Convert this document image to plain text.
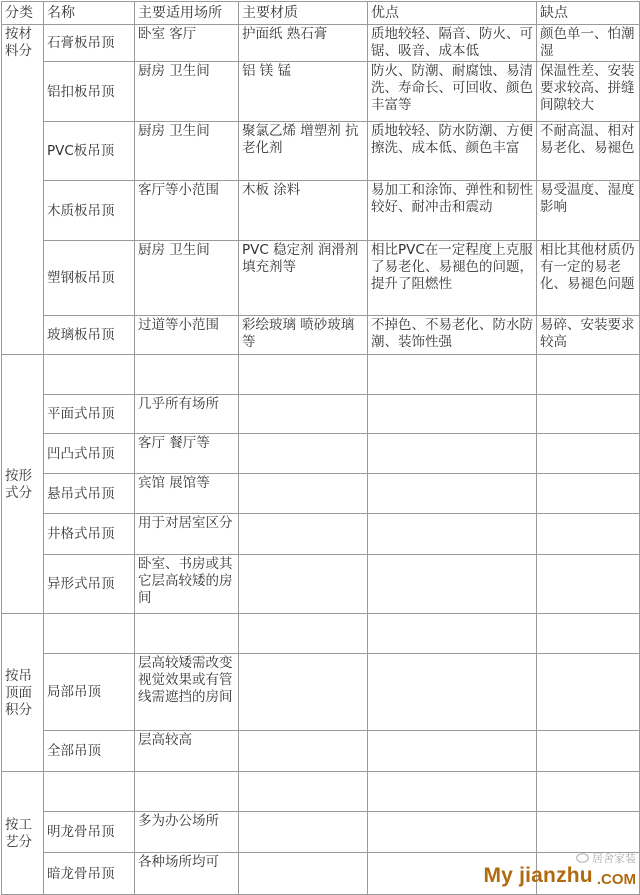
分类	名称	主要适用场所	主要材质	优点	缺点
按材料分	石膏板吊顶	卧室 客厅	护面纸 熟石膏	质地较轻、隔音、防火、可锯、吸音、成本低	颜色单一、怕潮湿
	铝扣板吊顶	厨房 卫生间	铝 镁 锰	防火、防潮、耐腐蚀、易清洗、寿命长、可回收、颜色丰富等	保温性差、安装要求较高、拼缝间隙较大
	PVC板吊顶	厨房 卫生间	聚氯乙烯 增塑剂 抗老化剂	质地较轻、防水防潮、方便擦洗、成本低、颜色丰富	不耐高温、相对易老化、易褪色
	木质板吊顶	客厅等小范围	木板 涂料	易加工和涂饰、弹性和韧性较好、耐冲击和震动	易受温度、湿度影响
	塑钢板吊顶	厨房 卫生间	PVC 稳定剂 润滑剂 填充剂等	相比PVC在一定程度上克服了易老化、易褪色的问题，提升了阻燃性	相比其他材质仍有一定的易老化、易褪色问题
	玻璃板吊顶	过道等小范围	彩绘玻璃 喷砂玻璃等	不掉色、不易老化、防水防潮、装饰性强	易碎、安装要求较高
按形式分					
	平面式吊顶	几乎所有场所			
	凹凸式吊顶	客厅 餐厅等			
	悬吊式吊顶	宾馆 展馆等			
	井格式吊顶	用于对居室区分			
	异形式吊顶	卧室、书房或其它层高较矮的房间			
按吊顶面积分					
	局部吊顶	层高较矮需改变视觉效果或有管线需遮挡的房间			
	全部吊顶	层高较高			
按工艺分					
	明龙骨吊顶	多为办公场所			
	暗龙骨吊顶	各种场所均可				居舍家装
My jianzhu .COM
